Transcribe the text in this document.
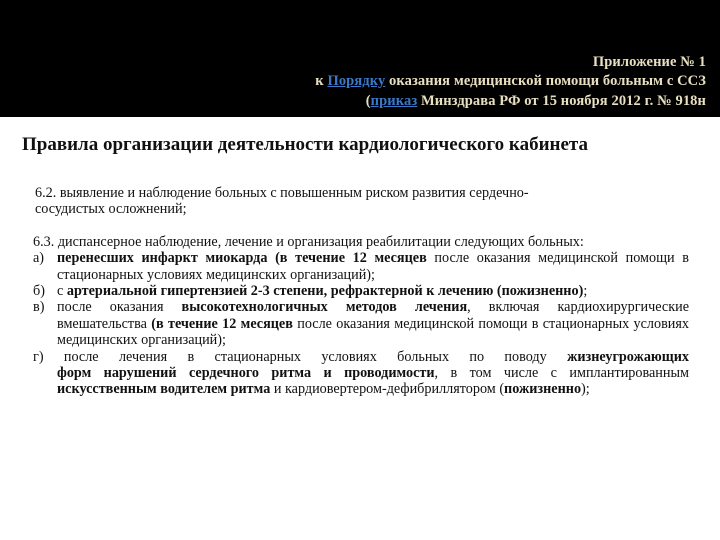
Приложение № 1
к Порядку оказания медицинской помощи больным с ССЗ
(приказ Минздрава РФ от 15 ноября 2012 г. № 918н
Правила организации деятельности кардиологического кабинета

6.2. выявление и наблюдение больных с повышенным риском развития сердечно-
сосудистых осложнений;

6.3. диспансерное наблюдение, лечение и организация реабилитации следующих больных:

а) перенесших инфаркт миокарда (в течение 12 месяцев после оказания медицинской помощи в стационарных условиях медицинских организаций);

б) с артериальной гипертензией 2-3 степени, рефрактерной к лечению (пожизненно);

в) после оказания высокотехнологичных методов лечения, включая кардиохирургические вмешательства (в течение 12 месяцев после оказания медицинской помощи в стационарных условиях медицинских организаций);

г) после лечения в стационарных условиях больных по поводу жизнеугрожающих
форм нарушений сердечного ритма и проводимости, в том числе с имплантированным искусственным водителем ритма и кардиовертером-дефибриллятором (пожизненно);
